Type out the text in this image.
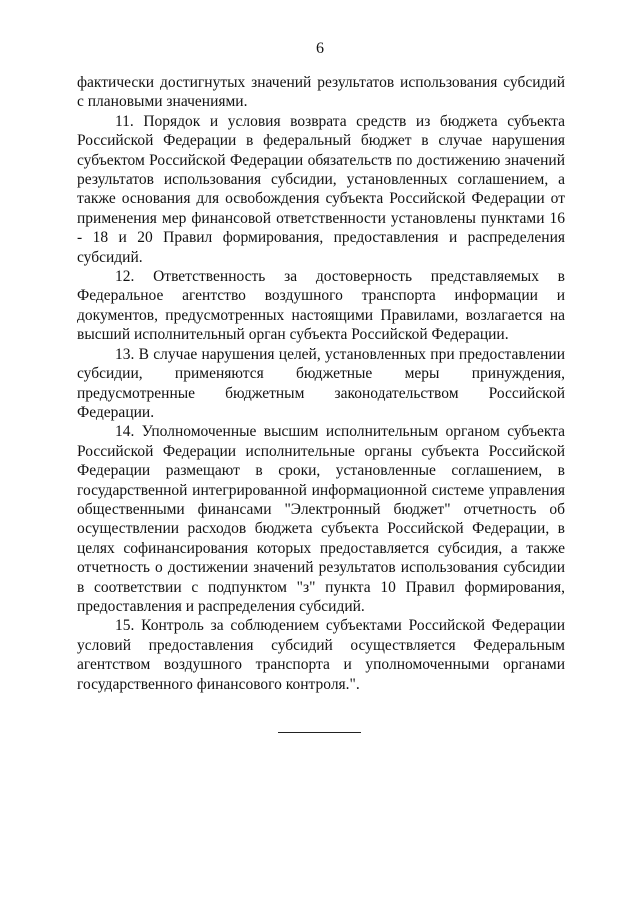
6

фактически достигнутых значений результатов использования субсидий с плановыми значениями.

11. Порядок и условия возврата средств из бюджета субъекта Российской Федерации в федеральный бюджет в случае нарушения субъектом Российской Федерации обязательств по достижению значений результатов использования субсидии, установленных соглашением, а также основания для освобождения субъекта Российской Федерации от применения мер финансовой ответственности установлены пунктами 16 - 18 и 20 Правил формирования, предоставления и распределения субсидий.

12. Ответственность за достоверность представляемых в Федеральное агентство воздушного транспорта информации и документов, предусмотренных настоящими Правилами, возлагается на высший исполнительный орган субъекта Российской Федерации.

13. В случае нарушения целей, установленных при предоставлении субсидии, применяются бюджетные меры принуждения, предусмотренные бюджетным законодательством Российской Федерации.

14. Уполномоченные высшим исполнительным органом субъекта Российской Федерации исполнительные органы субъекта Российской Федерации размещают в сроки, установленные соглашением, в государственной интегрированной информационной системе управления общественными финансами "Электронный бюджет" отчетность об осуществлении расходов бюджета субъекта Российской Федерации, в целях софинансирования которых предоставляется субсидия, а также отчетность о достижении значений результатов использования субсидии в соответствии с подпунктом "з" пункта 10 Правил формирования, предоставления и распределения субсидий.

15. Контроль за соблюдением субъектами Российской Федерации условий предоставления субсидий осуществляется Федеральным агентством воздушного транспорта и уполномоченными органами государственного финансового контроля.".
